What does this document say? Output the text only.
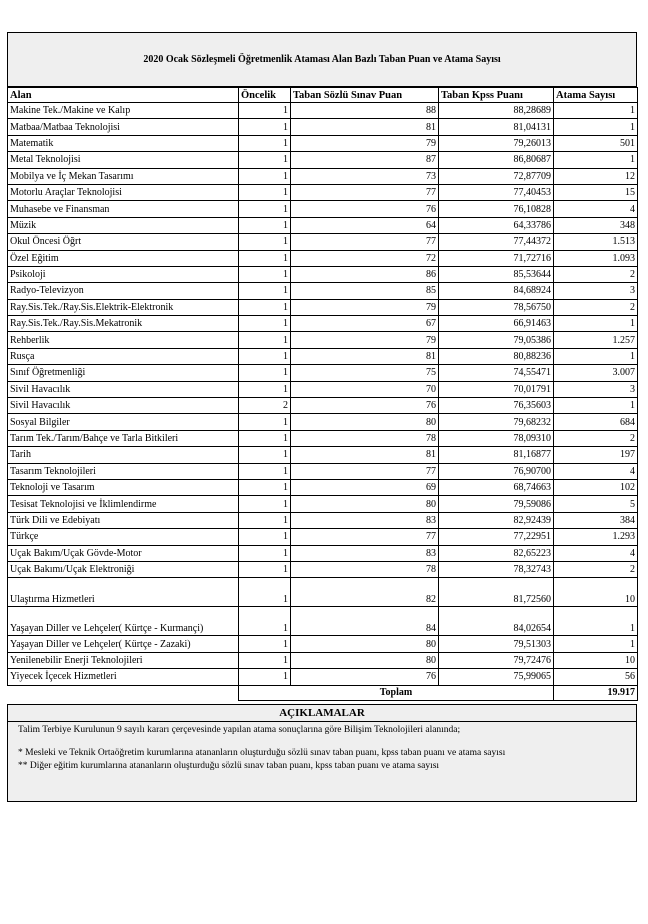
2020 Ocak Sözleşmeli Öğretmenlik Ataması Alan Bazlı Taban Puan ve Atama Sayısı
Alan	Öncelik	Taban Sözlü Sınav Puan	Taban Kpss Puanı	Atama Sayısı
Makine Tek./Makine ve Kalıp	1	88	88,28689	1
Matbaa/Matbaa Teknolojisi	1	81	81,04131	1
Matematik	1	79	79,26013	501
Metal Teknolojisi	1	87	86,80687	1
Mobilya ve İç Mekan Tasarımı	1	73	72,87709	12
Motorlu Araçlar Teknolojisi	1	77	77,40453	15
Muhasebe ve Finansman	1	76	76,10828	4
Müzik	1	64	64,33786	348
Okul Öncesi Öğrt	1	77	77,44372	1.513
Özel Eğitim	1	72	71,72716	1.093
Psikoloji	1	86	85,53644	2
Radyo-Televizyon	1	85	84,68924	3
Ray.Sis.Tek./Ray.Sis.Elektrik-Elektronik	1	79	78,56750	2
Ray.Sis.Tek./Ray.Sis.Mekatronik	1	67	66,91463	1
Rehberlik	1	79	79,05386	1.257
Rusça	1	81	80,88236	1
Sınıf Öğretmenliği	1	75	74,55471	3.007
Sivil Havacılık	1	70	70,01791	3
Sivil Havacılık	2	76	76,35603	1
Sosyal Bilgiler	1	80	79,68232	684
Tarım Tek./Tarım/Bahçe ve Tarla Bitkileri	1	78	78,09310	2
Tarih	1	81	81,16877	197
Tasarım Teknolojileri	1	77	76,90700	4
Teknoloji ve Tasarım	1	69	68,74663	102
Tesisat Teknolojisi ve İklimlendirme	1	80	79,59086	5
Türk Dili ve Edebiyatı	1	83	82,92439	384
Türkçe	1	77	77,22951	1.293
Uçak Bakım/Uçak Gövde-Motor	1	83	82,65223	4
Uçak Bakımı/Uçak Elektroniği	1	78	78,32743	2
Ulaştırma Hizmetleri	1	82	81,72560	10
Yaşayan Diller ve Lehçeler( Kürtçe - Kurmançi)	1	84	84,02654	1
Yaşayan Diller ve Lehçeler( Kürtçe - Zazaki)	1	80	79,51303	1
Yenilenebilir Enerji Teknolojileri	1	80	79,72476	10
Yiyecek İçecek Hizmetleri	1	76	75,99065	56
	Toplam			19.917
AÇIKLAMALAR

Talim Terbiye Kurulunun 9 sayılı kararı çerçevesinde yapılan atama sonuçlarına göre Bilişim Teknolojileri alanında;

* Mesleki ve Teknik Ortaöğretim kurumlarına atananların oluşturduğu sözlü sınav taban puanı, kpss taban puanı ve atama sayısı

** Diğer eğitim kurumlarına atananların oluşturduğu sözlü sınav taban puanı, kpss taban puanı ve atama sayısı
